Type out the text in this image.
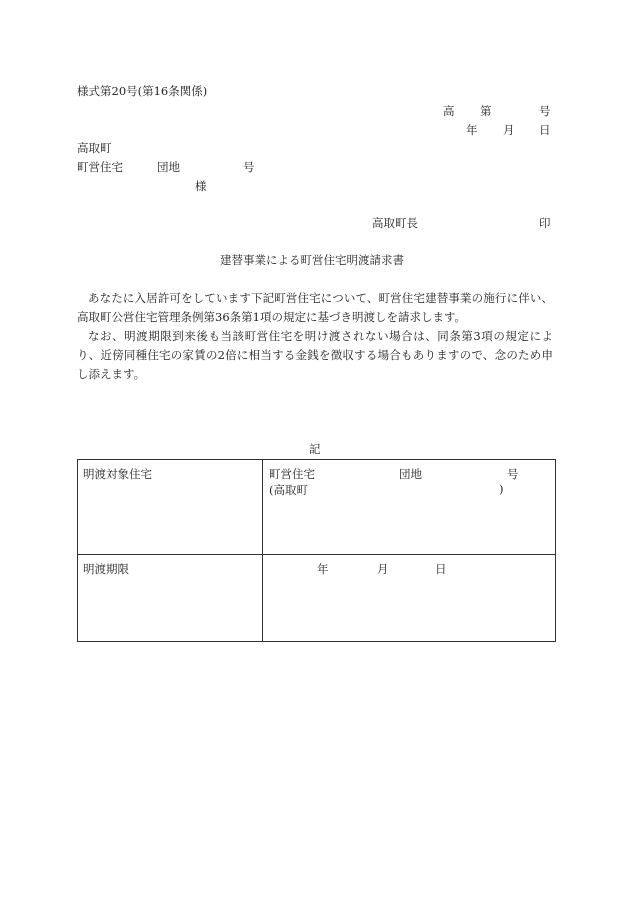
様式第20号(第16条関係)
高 第	号
年 月 日
高取町
町営住宅	団地	号
様
高取町長	印
建替事業による町営住宅明渡請求書

あなたに入居許可をしています下記町営住宅について、町営住宅建替事業の施行に伴い、高取町公営住宅管理条例第36条第1項の規定に基づき明渡しを請求します。

なお、明渡期限到来後も当該町営住宅を明け渡されない場合は、同条第3項の規定により、近傍同種住宅の家賃の2倍に相当する金銭を徴収する場合もありますので、念のため申し添えます。

記
明渡対象住宅	町営住宅 団地 号
(高取町 )

明渡期限	年 月 日
